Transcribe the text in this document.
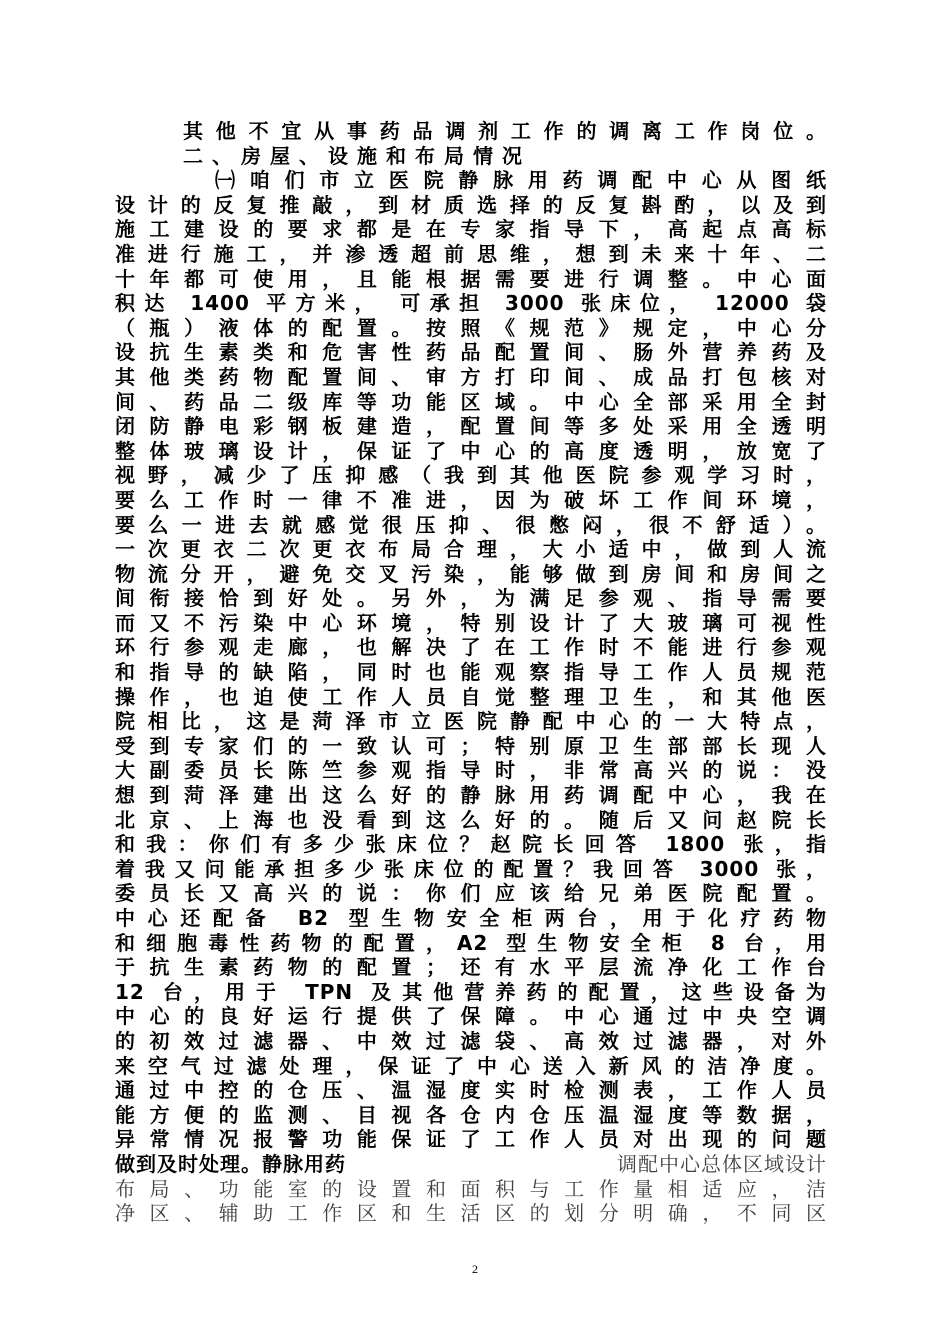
其他不宜从事药品调剂工作的调离工作岗位。
二、房屋、设施和布局情况
㈠咱们市立医院静脉用药调配中心从图纸
设计的反复推敲，到材质选择的反复斟酌，以及到
施工建设的要求都是在专家指导下，高起点高标
准进行施工，并渗透超前思维，想到未来十年、二
十年都可使用，且能根据需要进行调整。中心面
积达 1400 平方米， 可承担 3000 张床位， 12000 袋
（瓶）液体的配置。按照《规范》规定，中心分
设抗生素类和危害性药品配置间、肠外营养药及
其他类药物配置间、审方打印间、成品打包核对
间、药品二级库等功能区域。中心全部采用全封
闭防静电彩钢板建造，配置间等多处采用全透明
整体玻璃设计，保证了中心的高度透明，放宽了
视野，减少了压抑感（我到其他医院参观学习时，
要么工作时一律不准进，因为破坏工作间环境，
要么一进去就感觉很压抑、很憋闷，很不舒适）。
一次更衣二次更衣布局合理，大小适中，做到人流
物流分开，避免交叉污染，能够做到房间和房间之
间衔接恰到好处。另外，为满足参观、指导需要
而又不污染中心环境，特别设计了大玻璃可视性
环行参观走廊，也解决了在工作时不能进行参观
和指导的缺陷，同时也能观察指导工作人员规范
操作，也迫使工作人员自觉整理卫生，和其他医
院相比，这是菏泽市立医院静配中心的一大特点，
受到专家们的一致认可；特别原卫生部部长现人
大副委员长陈竺参观指导时，非常高兴的说：没
想到菏泽建出这么好的静脉用药调配中心，我在
北京、上海也没看到这么好的。随后又问赵院长
和我：你们有多少张床位？赵院长回答 1800 张，指
着我又问能承担多少张床位的配置？我回答 3000 张，
委员长又高兴的说：你们应该给兄弟医院配置。
中心还配备 B2 型生物安全柜两台，用于化疗药物
和细胞毒性药物的配置，A2 型生物安全柜 8 台，用
于抗生素药物的配置；还有水平层流净化工作台
12 台，用于 TPN 及其他营养药的配置，这些设备为
中心的良好运行提供了保障。中心通过中央空调
的初效过滤器、中效过滤袋、高效过滤器，对外
来空气过滤处理，保证了中心送入新风的洁净度。
通过中控的仓压、温湿度实时检测表，工作人员
能方便的监测、目视各仓内仓压温湿度等数据，
异常情况报警功能保证了工作人员对出现的问题
做到及时处理。静脉用药	调配中心总体区域设计
布局、功能室的设置和面积与工作量相适应，洁
净区、辅助工作区和生活区的划分明确，不同区
2
